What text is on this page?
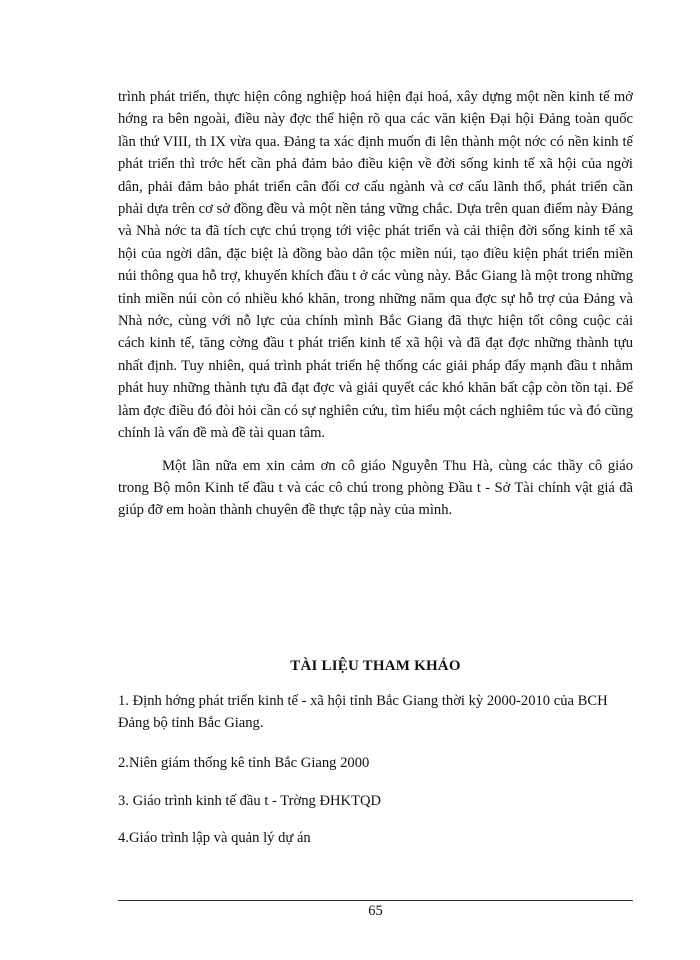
trình phát triển, thực hiện công nghiệp hoá hiện đại hoá, xây dựng một nền kinh tế mở hớng ra bên ngoài, điều này đợc thể hiện rõ qua các văn kiện Đại hội Đảng toàn quốc lần thứ VIII, th IX vừa qua. Đảng ta xác định muốn đi lên thành một nớc có nền kinh tế phát triển thì trớc hết cần phả đảm bảo điều kiện về đời sống kinh tế xã hội của ngời dân, phải đảm bảo phát triển cân đối cơ cấu ngành và cơ cấu lãnh thổ, phát triển cần phải dựa trên cơ sở đồng đều và một nền tảng vững chắc. Dựa trên quan điểm này Đảng và Nhà nớc ta đã tích cực chú trọng tới việc phát triển và cải thiện đời sống kinh tế xã hội của ngời dân, đặc biệt là đồng bào dân tộc miền núi, tạo điều kiện phát triển miền núi thông qua hỗ trợ, khuyến khích đầu t ở các vùng này. Bắc Giang là một trong những tỉnh miền núi còn có nhiều khó khăn, trong những năm qua đợc sự hỗ trợ của Đảng và Nhà nớc, cùng với nỗ lực của chính mình Bắc Giang đã thực hiện tốt công cuộc cải cách kinh tế, tăng cờng đầu t phát triển kinh tế xã hội và đã đạt đợc những thành tựu nhất định. Tuy nhiên, quá trình phát triển hệ thống các giải pháp đẩy mạnh đầu t nhằm phát huy những thành tựu đã đạt đợc và giải quyết các khó khăn bất cập còn tồn tại. Để làm đợc điều đó đòi hỏi cần có sự nghiên cứu, tìm hiểu một cách nghiêm túc và đó cũng chính là vấn đề mà đề tài quan tâm.

Một lần nữa em xin cảm ơn cô giáo Nguyễn Thu Hà, cùng các thầy cô giáo trong Bộ môn Kinh tế đầu t và các cô chú trong phòng Đầu t - Sở Tài chính vật giá đã giúp đỡ em hoàn thành chuyên đề thực tập này của mình.

TÀI LIỆU THAM KHẢO

1. Định hớng phát triển kinh tế - xã hội tỉnh Bắc Giang thời kỳ 2000-2010 của BCH Đảng bộ tỉnh Bắc Giang.

2.Niên giám thống kê tỉnh Bắc Giang 2000

3. Giáo trình kinh tế đầu t - Trờng ĐHKTQD

4.Giáo trình lập và quản lý dự án

65
